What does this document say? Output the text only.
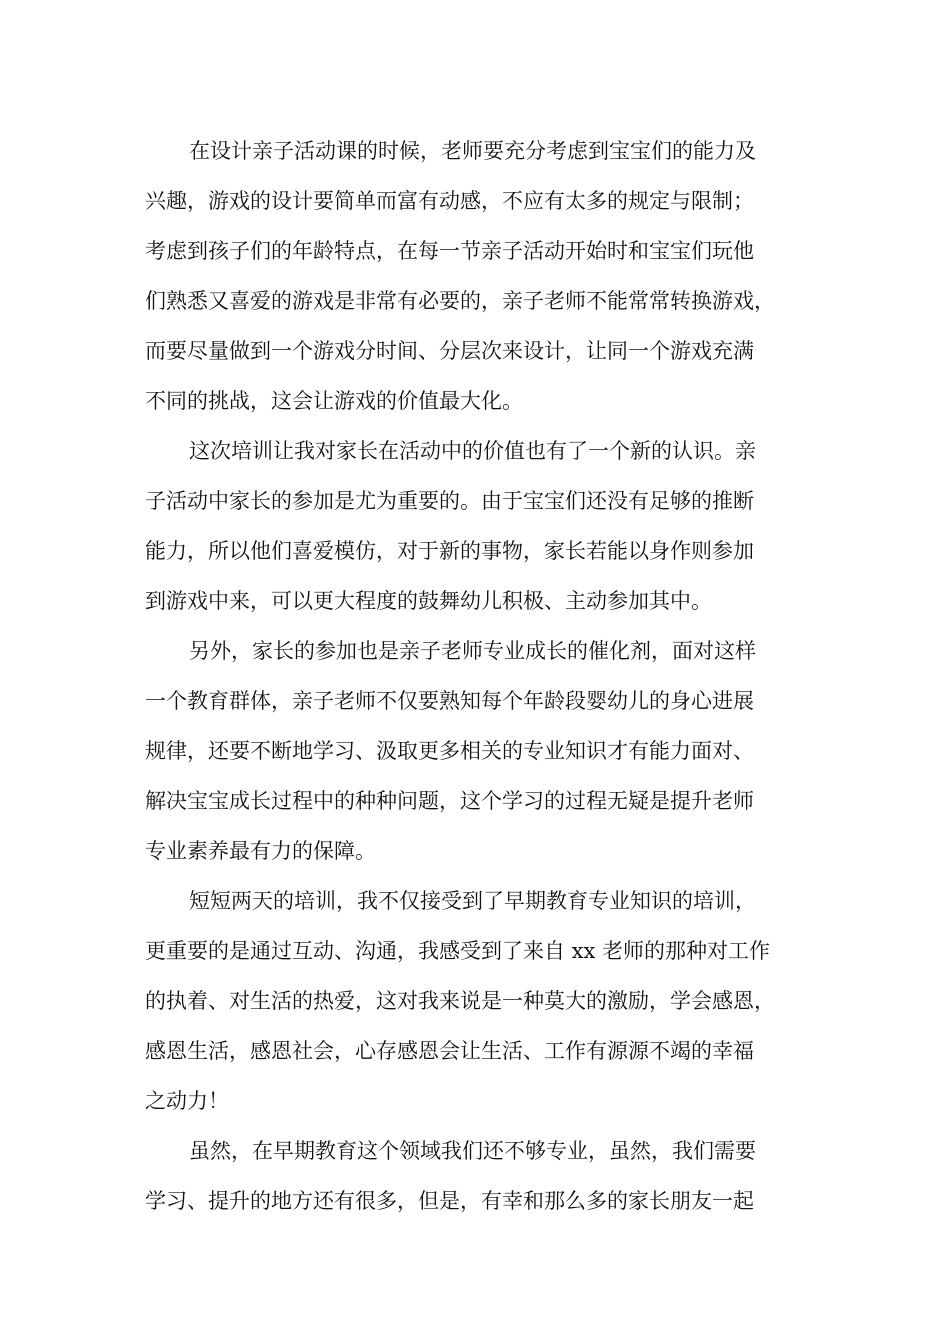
在设计亲子活动课的时候，老师要充分考虑到宝宝们的能力及
兴趣，游戏的设计要简单而富有动感，不应有太多的规定与限制；
考虑到孩子们的年龄特点，在每一节亲子活动开始时和宝宝们玩他
们熟悉又喜爱的游戏是非常有必要的，亲子老师不能常常转换游戏，
而要尽量做到一个游戏分时间、分层次来设计，让同一个游戏充满
不同的挑战，这会让游戏的价值最大化。
这次培训让我对家长在活动中的价值也有了一个新的认识。亲
子活动中家长的参加是尤为重要的。由于宝宝们还没有足够的推断
能力，所以他们喜爱模仿，对于新的事物，家长若能以身作则参加
到游戏中来，可以更大程度的鼓舞幼儿积极、主动参加其中。
另外，家长的参加也是亲子老师专业成长的催化剂，面对这样
一个教育群体，亲子老师不仅要熟知每个年龄段婴幼儿的身心进展
规律，还要不断地学习、汲取更多相关的专业知识才有能力面对、
解决宝宝成长过程中的种种问题，这个学习的过程无疑是提升老师
专业素养最有力的保障。
短短两天的培训，我不仅接受到了早期教育专业知识的培训，
更重要的是通过互动、沟通，我感受到了来自 xx 老师的那种对工作
的执着、对生活的热爱，这对我来说是一种莫大的激励，学会感恩，
感恩生活，感恩社会，心存感恩会让生活、工作有源源不竭的幸福
之动力！
虽然，在早期教育这个领域我们还不够专业，虽然，我们需要
学习、提升的地方还有很多，但是，有幸和那么多的家长朋友一起
